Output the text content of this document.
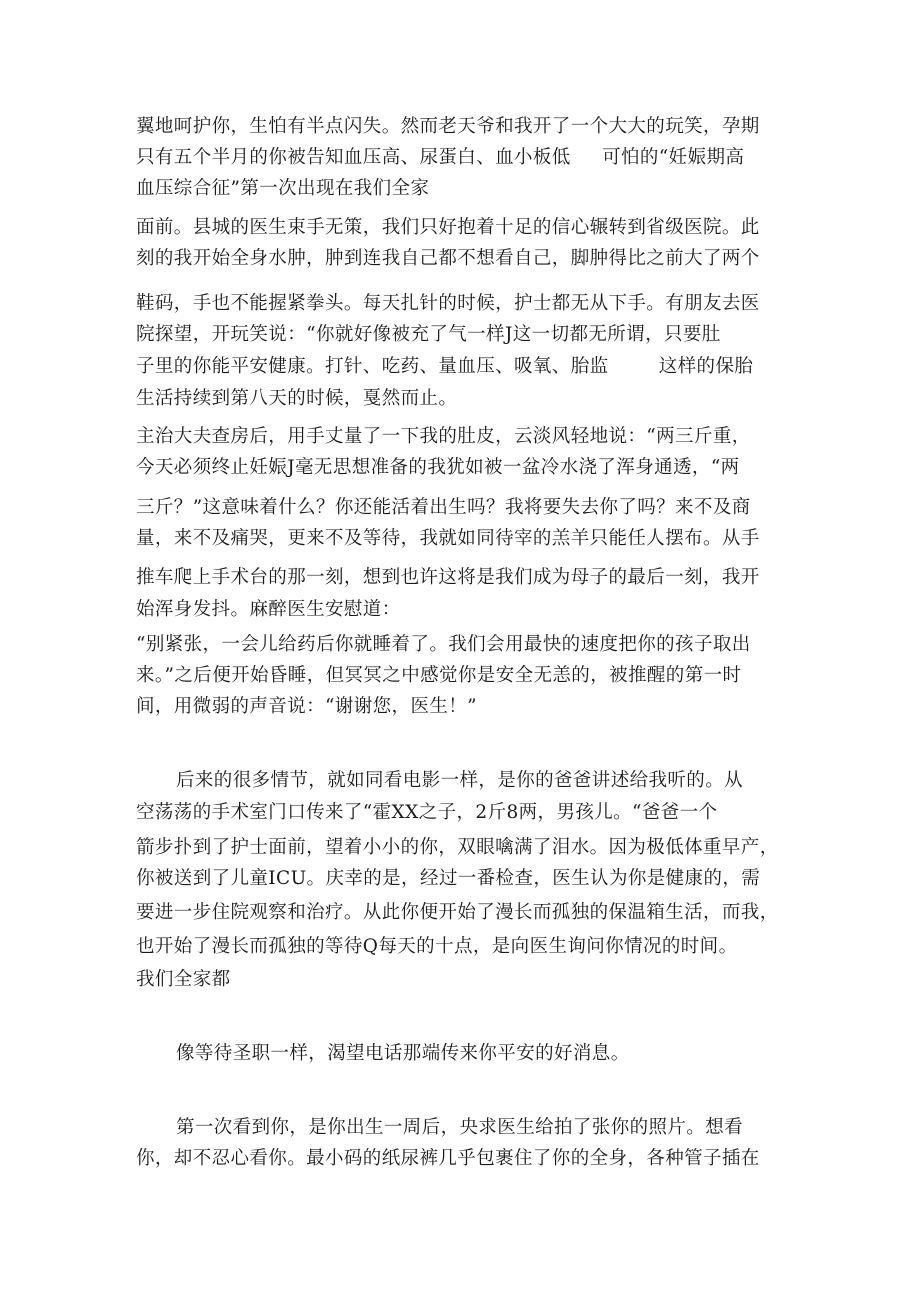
翼地呵护你，生怕有半点闪失。然而老天爷和我开了一个大大的玩笑，孕期
只有五个半月的你被告知血压高、尿蛋白、血小板低     可怕的“妊娠期高
血压综合征”第一次出现在我们全家
面前。县城的医生束手无策，我们只好抱着十足的信心辗转到省级医院。此
刻的我开始全身水肿，肿到连我自己都不想看自己，脚肿得比之前大了两个
鞋码，手也不能握紧拳头。每天扎针的时候，护士都无从下手。有朋友去医
院探望，开玩笑说：“你就好像被充了气一样J这一切都无所谓，只要肚
子里的你能平安健康。打针、吃药、量血压、吸氧、胎监        这样的保胎
生活持续到第八天的时候，戛然而止。
主治大夫查房后，用手丈量了一下我的肚皮，云淡风轻地说：“两三斤重，
今天必须终止妊娠J毫无思想准备的我犹如被一盆冷水浇了浑身通透，“两
三斤？”这意味着什么？你还能活着出生吗？我将要失去你了吗？来不及商
量，来不及痛哭，更来不及等待，我就如同待宰的羔羊只能任人摆布。从手
推车爬上手术台的那一刻，想到也许这将是我们成为母子的最后一刻，我开
始浑身发抖。麻醉医生安慰道：
“别紧张，一会儿给药后你就睡着了。我们会用最快的速度把你的孩子取出
来。”之后便开始昏睡，但冥冥之中感觉你是安全无恙的，被推醒的第一时
间，用微弱的声音说：“谢谢您，医生！”
后来的很多情节，就如同看电影一样，是你的爸爸讲述给我听的。从
空荡荡的手术室门口传来了“霍XX之子，2斤8两，男孩儿。“爸爸一个
箭步扑到了护士面前，望着小小的你，双眼噙满了泪水。因为极低体重早产，
你被送到了儿童ICU。庆幸的是，经过一番检查，医生认为你是健康的，需
要进一步住院观察和治疗。从此你便开始了漫长而孤独的保温箱生活，而我，
也开始了漫长而孤独的等待Q每天的十点，是向医生询问你情况的时间。
我们全家都
像等待圣职一样，渴望电话那端传来你平安的好消息。
第一次看到你，是你出生一周后，央求医生给拍了张你的照片。想看
你，却不忍心看你。最小码的纸尿裤几乎包裹住了你的全身，各种管子插在
